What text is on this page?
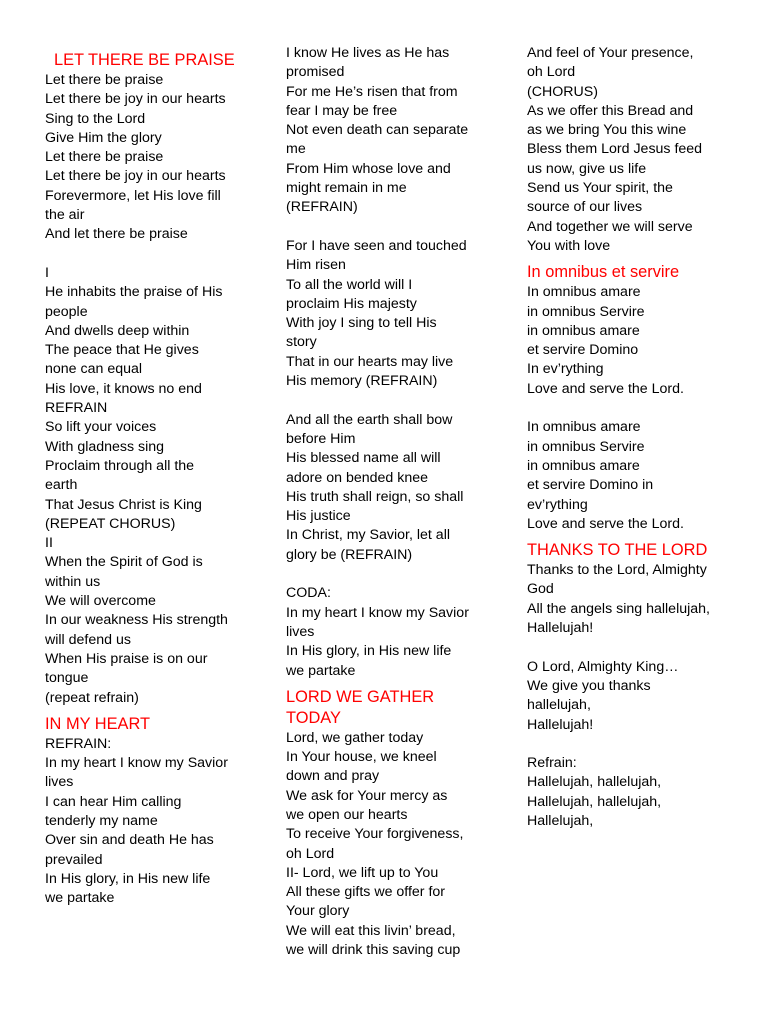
LET THERE BE PRAISE
Let there be praise
Let there be joy in our hearts
Sing to the Lord
Give Him the glory
Let there be praise
Let there be joy in our hearts
Forevermore, let His love fill
the air
And let there be praise
I
He inhabits the praise of His
people
And dwells deep within
The peace that He gives
none can equal
His love, it knows no end
REFRAIN
So lift your voices
With gladness sing
Proclaim through all the
earth
That Jesus Christ is King
(REPEAT CHORUS)
II
When the Spirit of God is
within us
We will overcome
In our weakness His strength
will defend us
When His praise is on our
tongue
(repeat refrain)
IN MY HEART
REFRAIN:
In my heart I know my Savior
lives
I can hear Him calling
tenderly my name
Over sin and death He has
prevailed
In His glory, in His new life
we partake
I know He lives as He has
promised
For me He’s risen that from
fear I may be free
Not even death can separate
me
From Him whose love and
might remain in me
(REFRAIN)
For I have seen and touched
Him risen
To all the world will I
proclaim His majesty
With joy I sing to tell His
story
That in our hearts may live
His memory (REFRAIN)
And all the earth shall bow
before Him
His blessed name all will
adore on bended knee
His truth shall reign, so shall
His justice
In Christ, my Savior, let all
glory be (REFRAIN)
CODA:
In my heart I know my Savior
lives
In His glory, in His new life
we partake
LORD WE GATHER
TODAY
Lord, we gather today
In Your house, we kneel
down and pray
We ask for Your mercy as
we open our hearts
To receive Your forgiveness,
oh Lord
II- Lord, we lift up to You
All these gifts we offer for
Your glory
We will eat this livin’ bread,
we will drink this saving cup
And feel of Your presence,
oh Lord
(CHORUS)
As we offer this Bread and
as we bring You this wine
Bless them Lord Jesus feed
us now, give us life
Send us Your spirit, the
source of our lives
And together we will serve
You with love
In omnibus et servire
In omnibus amare
in omnibus Servire
in omnibus amare
et servire Domino
In ev’rything
Love and serve the Lord.
In omnibus amare
in omnibus Servire
in omnibus amare
et servire Domino in
ev’rything
Love and serve the Lord.
THANKS TO THE LORD
Thanks to the Lord, Almighty
God
All the angels sing hallelujah,
Hallelujah!
O Lord, Almighty King…
We give you thanks
hallelujah,
Hallelujah!
Refrain:
Hallelujah, hallelujah,
Hallelujah, hallelujah,
Hallelujah,
